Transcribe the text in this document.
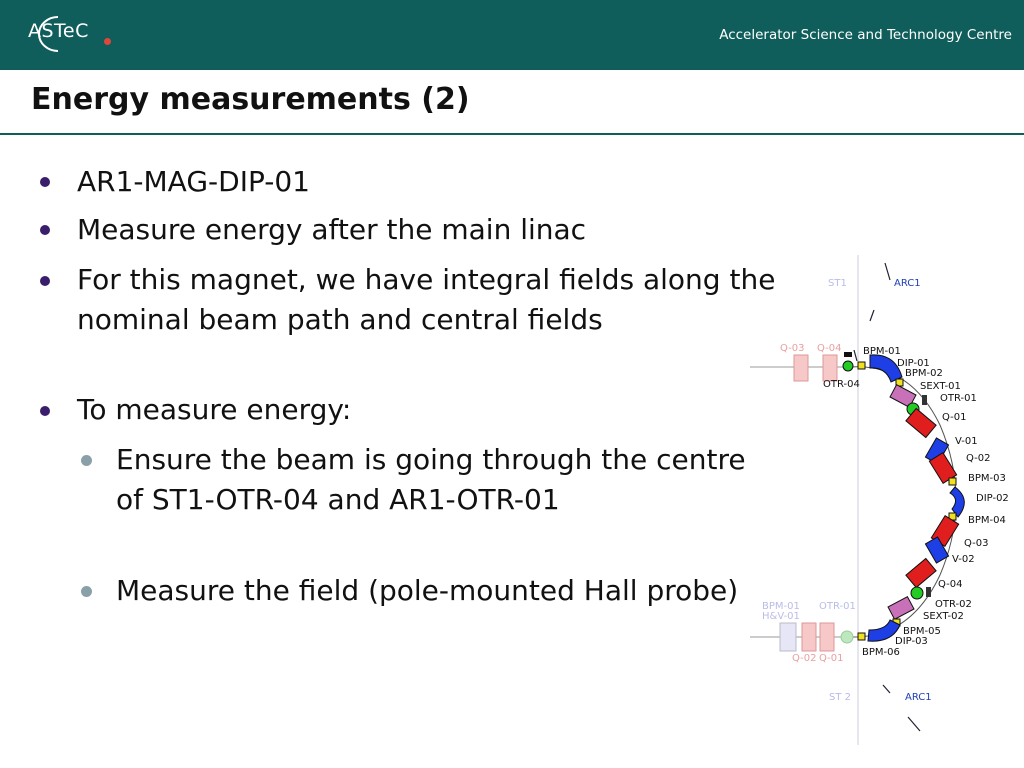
ASTeC	Accelerator Science and Technology Centre
Energy measurements (2)
AR1-MAG-DIP-01
Measure energy after the main linac
For this magnet, we have integral fields along the nominal beam path and central fields
To measure energy:
Ensure the beam is going through the centre of ST1-OTR-04 and AR1-OTR-01
Measure the field (pole-mounted Hall probe)
ST1	ARC1
Q-03 Q-04 BPM-01
OTR-04
DIP-01
BPM-02
SEXT-01
OTR-01
Q-01
V-01
Q-02
BPM-03
DIP-02
BPM-04
Q-03
V-02
Q-04
OTR-02
SEXT-02
BPM-05
DIP-03
BPM-06
BPM-01
H&V-01
OTR-01
Q-02 Q-01
ST 2	ARC1
